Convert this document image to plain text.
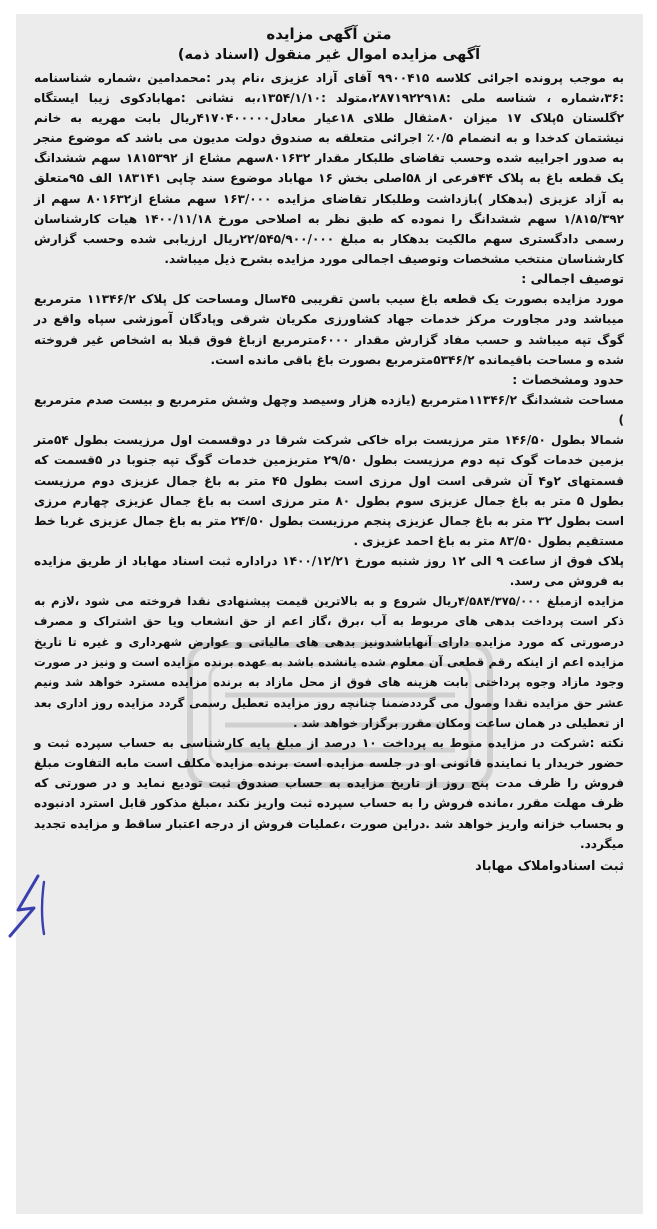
متن آگهی مزایده

آگهی مزایده اموال غیر منقول (اسناد ذمه)

به موجب پرونده اجرائی کلاسه ۹۹۰۰۴۱۵ آقای آزاد عزیزی ،نام پدر :محمدامین ،شماره شناسنامه :۳۶،شماره ، شناسه ملی :۲۸۷۱۹۲۲۹۱۸،متولد :۱۳۵۴/۱/۱۰،به نشانی :مهابادکوی زیبا ایستگاه ۲گلستان ۵پلاک ۱۷ میزان ۸۰مثقال طلای ۱۸عیار معادل۴۱۷۰۴۰۰۰۰۰ریال بابت مهریه به خانم نیشتمان کدخدا و به انضمام ۰/۵٪ اجرائی متعلقه به صندوق دولت مدیون می باشد که موضوع منجر به صدور اجراییه شده وحسب تقاضای طلبکار مقدار ۸۰۱۶۳۲سهم مشاع از ۱۸۱۵۳۹۲ سهم ششدانگ یک قطعه باغ به پلاک ۴۴فرعی از ۵۸اصلی بخش ۱۶ مهاباد موضوع سند چاپی ۱۸۳۱۴۱ الف ۹۵متعلق به آزاد عزیزی (بدهکار )بازداشت وطلبکار تقاضای مزایده ۱۶۳/۰۰۰ سهم مشاع از۸۰۱۶۳۲ سهم از ۱/۸۱۵/۳۹۲ سهم ششدانگ را نموده که طبق نظر به اصلاحی مورخ ۱۴۰۰/۱۱/۱۸ هیات کارشناسان رسمی دادگستری سهم مالکیت بدهکار به مبلغ ۲۲/۵۴۵/۹۰۰/۰۰۰ریال ارزیابی شده وحسب گزارش کارشناسان منتخب مشخصات وتوصیف اجمالی مورد مزایده بشرح ذیل میباشد.

توصیف اجمالی :

مورد مزایده بصورت یک قطعه باغ سیب باسن تقریبی ۴۵سال ومساحت کل پلاک ۱۱۳۴۶/۲ مترمربع میباشد ودر مجاورت مرکز خدمات جهاد کشاورزی مکریان شرقی وپادگان آموزشی سپاه واقع در گوگ تپه میباشد و حسب مفاد گزارش مقدار ۶۰۰۰مترمربع ازباغ فوق قبلا به اشخاص غیر فروخته شده و مساحت باقیمانده ۵۳۴۶/۲مترمربع بصورت باغ باقی مانده است.

حدود ومشخصات :

مساحت ششدانگ ۱۱۳۴۶/۲مترمربع (یازده هزار وسیصد وچهل وشش مترمربع و بیست صدم مترمربع )

شمالا بطول ۱۴۶/۵۰ متر مرزیست براه خاکی شرکت شرقا در دوقسمت اول مرزیست بطول ۵۴متر بزمین خدمات گوک تپه دوم مرزیست بطول ۲۹/۵۰ متربزمین خدمات گوگ تپه جنوبا در ۵قسمت که قسمتهای ۲و۴ آن شرقی است اول مرزی است بطول ۴۵ متر به باغ جمال عزیزی دوم مرزیست بطول ۵ متر به باغ جمال عزیزی سوم بطول ۸۰ متر مرزی است به باغ جمال عزیزی چهارم مرزی است بطول ۳۲ متر به باغ جمال عزیزی پنجم مرزیست بطول ۲۴/۵۰ متر به باغ جمال عزیزی غربا خط مستقیم بطول ۸۳/۵۰ متر به باغ احمد عزیزی .

پلاک فوق از ساعت ۹ الی ۱۲ روز شنبه مورخ ۱۴۰۰/۱۲/۲۱ دراداره ثبت اسناد مهاباد از طریق مزایده به فروش می رسد.

مزایده ازمبلغ ۴/۵۸۴/۳۷۵/۰۰۰ریال شروع و به بالاترین قیمت پیشنهادی نقدا فروخته می شود ،لازم به ذکر است پرداخت بدهی های مربوط به آب ،برق ،گاز اعم از حق انشعاب ویا حق اشتراک و مصرف درصورتی که مورد مزایده دارای آنهاباشدونیز بدهی های مالیاتی و عوارض شهرداری و غیره تا تاریخ مزایده اعم از اینکه رقم قطعی آن معلوم شده یانشده باشد به عهده برنده مزایده است و ونیز در صورت وجود مازاد وجوه پرداختی بابت هزینه های فوق از محل مازاد به برنده مزایده مسترد خواهد شد ونیم عشر حق مزایده نقدا وصول می گرددضمنا چنانچه روز مزایده تعطیل رسمی گردد مزایده روز اداری بعد از تعطیلی در همان ساعت ومکان مقرر برگزار خواهد شد .

نکته :شرکت در مزایده منوط به پرداخت ۱۰ درصد از مبلغ پایه کارشناسی به حساب سپرده ثبت و حضور خریدار یا نماینده قانونی او در جلسه مزایده است برنده مزایده مکلف است مابه التفاوت مبلغ فروش را ظرف مدت پنج روز از تاریخ مزایده به حساب صندوق ثبت تودیع نماید و در صورتی که ظرف مهلت مقرر ،مانده فروش را به حساب سپرده ثبت واریز نکند ،مبلغ مذکور قابل استرد ادنبوده و بحساب خزانه واریز خواهد شد .دراین صورت ،عملیات فروش از درجه اعتبار ساقط و مزایده تجدید میگردد.

ثبت اسنادواملاک مهاباد
